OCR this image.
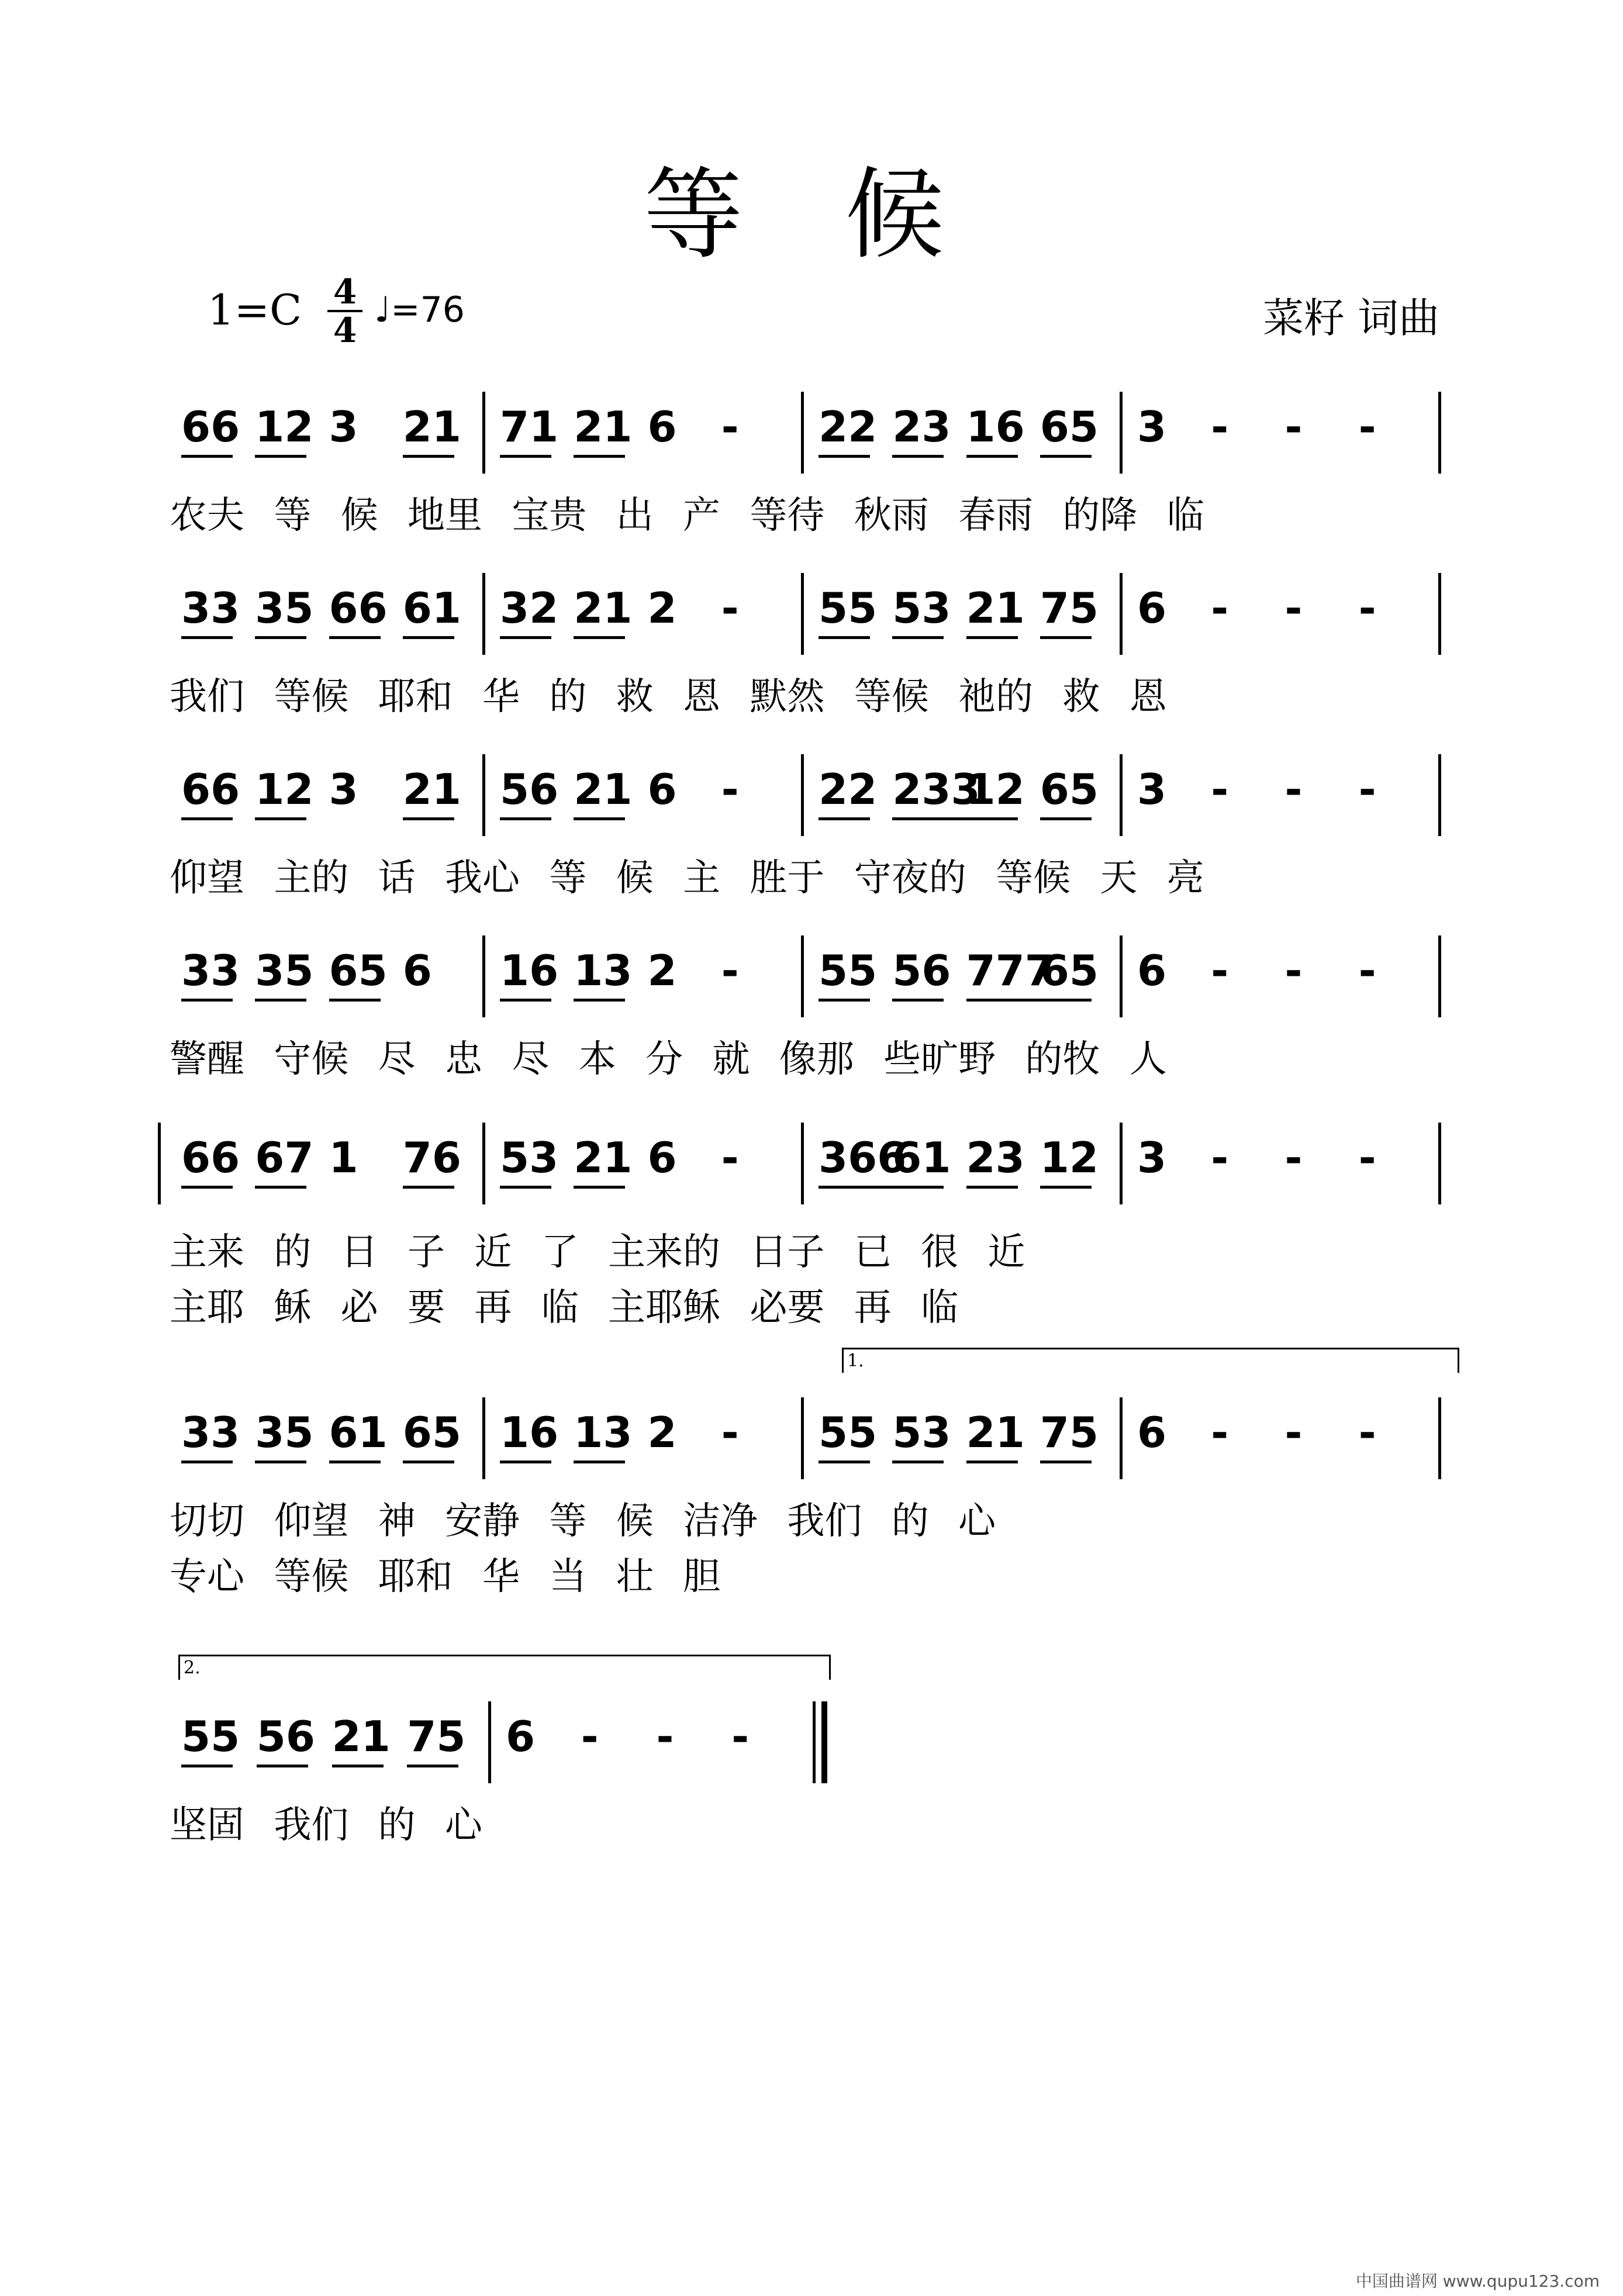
等 候
1=C 4
4 ♩=76	菜籽 词曲
66 12 3 21 71 21 6 - 22 23 16 65 3 - - -
农夫 等 候 地里 宝贵 出 产 等待 秋雨 春雨 的降 临
33 35 66 61 32 21 2 - 55 53 21 75 6 - - -
我们 等候 耶和 华 的 救 恩 默然 等候 祂的 救 恩
66 12 3 21 56 21 6 - 22 233
12 65 3 - - -
仰望 主的 话 我心 等 候 主 胜于 守夜的 等候 天 亮
33 35 65 6 16 13 2 - 55 56 777
65 6 - - -
警醒 守候 尽 忠 尽 本 分 就 像那 些旷野 的牧 人
66 67 1 76 53 21 6 - 366
61 23 12 3 - - -
主来 的 日 子 近 了 主来的 日子 已 很 近
主耶 稣 必 要 再 临 主耶稣 必要 再 临
33 35 61 65 16 13 2 - 55 53 21 75 6 - - -
切切 仰望 神 安静 等 候 洁净 我们 的 心
专心 等候 耶和 华 当 壮 胆
55 56 21 75 6 - - -
坚固 我们 的 心
1.
2.
中国曲谱网 www.qupu123.com
